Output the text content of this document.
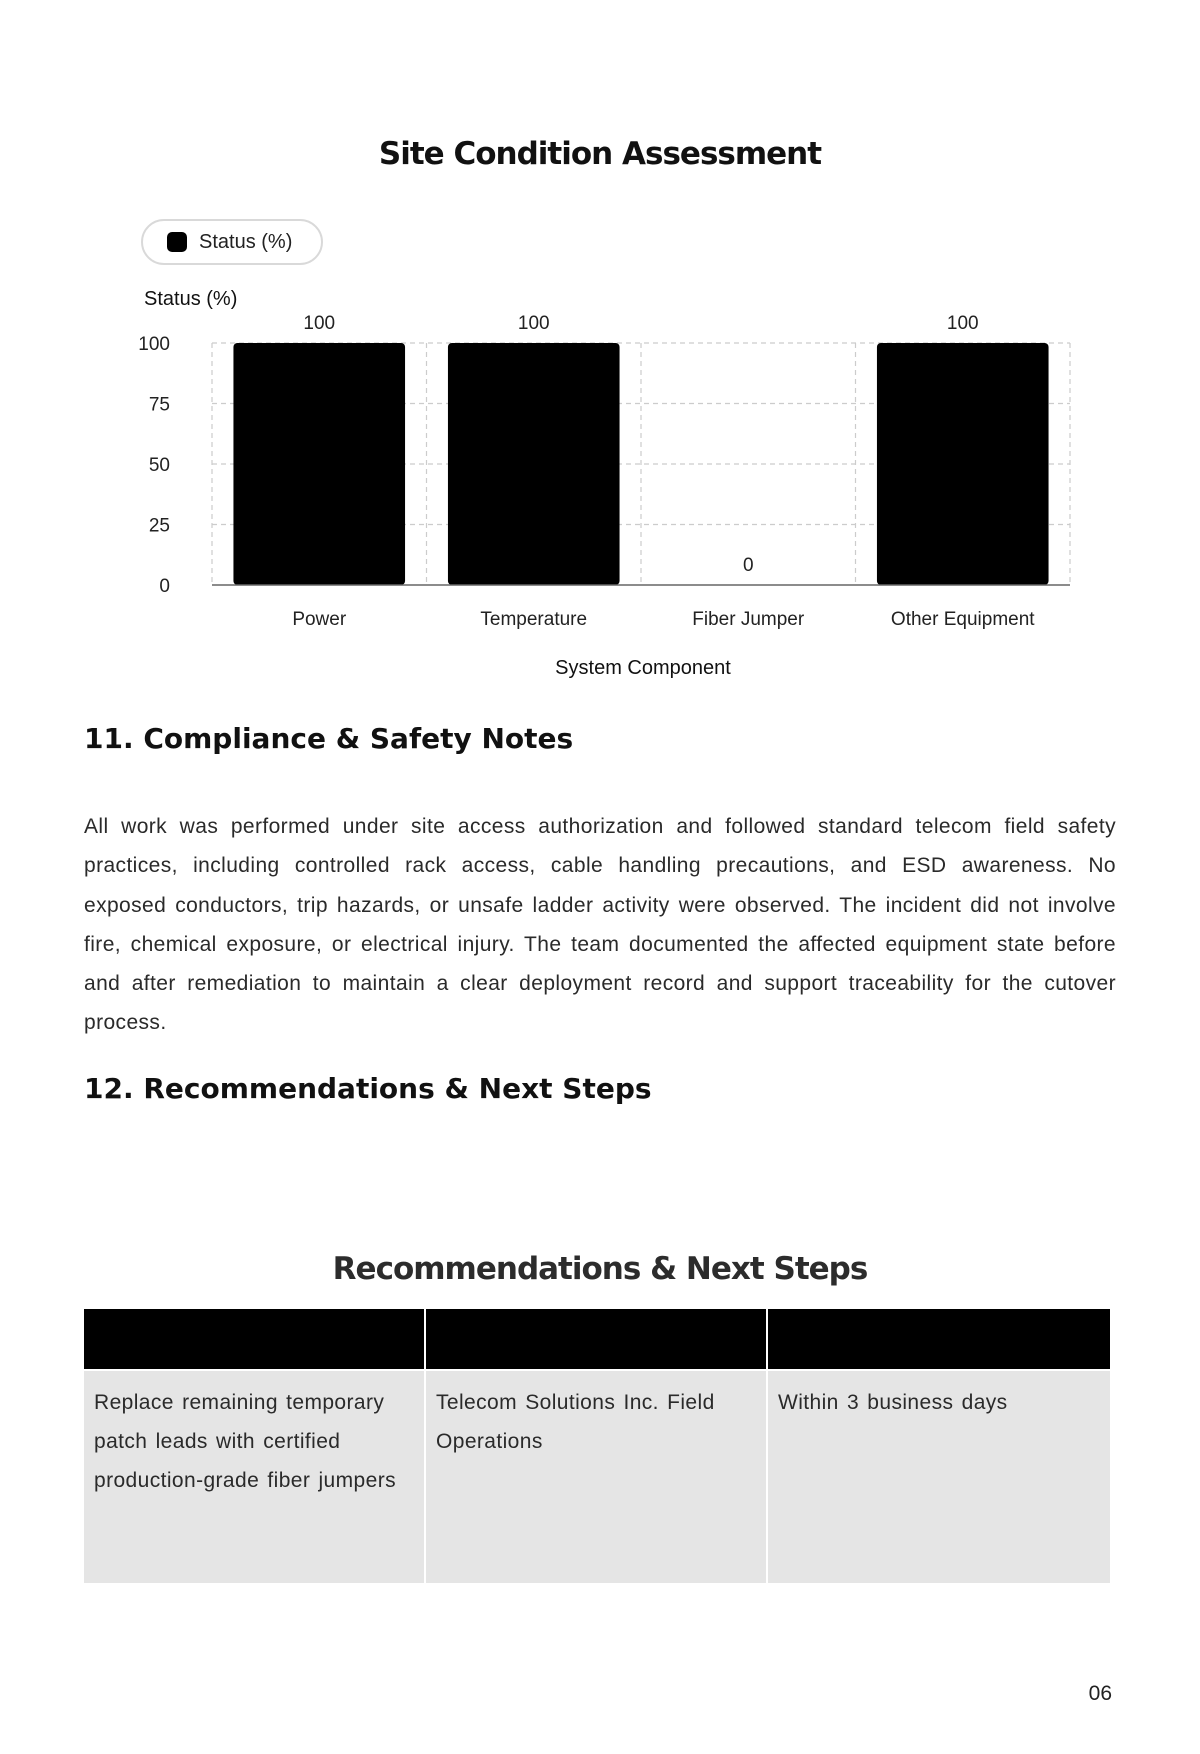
Site Condition Assessment
Status (%)
0
25
50
75
100
Status (%)
100
Power
100
Temperature
0
Fiber Jumper
100
Other Equipment
System Component
11. Compliance & Safety Notes

All work was performed under site access authorization and followed standard telecom field safety practices, including controlled rack access, cable handling precautions, and ESD awareness. No exposed conductors, trip hazards, or unsafe ladder activity were observed. The incident did not involve fire, chemical exposure, or electrical injury. The team documented the affected equipment state before and after remediation to maintain a clear deployment record and support traceability for the cutover process.

12. Recommendations & Next Steps
Recommendations & Next Steps

Replace remaining temporary patch leads with certified production-grade fiber jumpers	Telecom Solutions Inc. Field Operations	Within 3 business days

06
